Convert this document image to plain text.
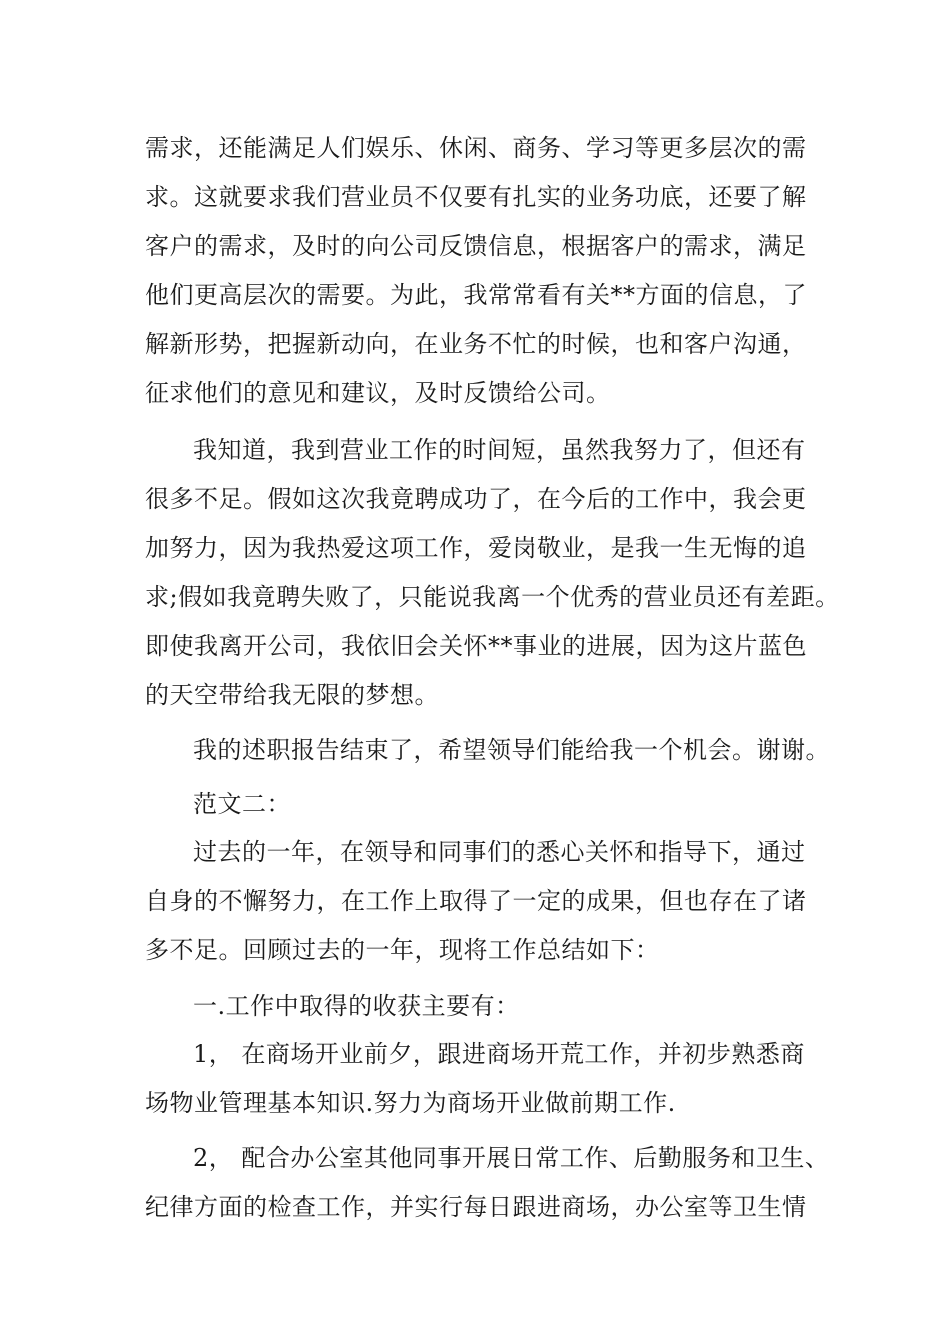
需求，还能满足人们娱乐、休闲、商务、学习等更多层次的需
求。这就要求我们营业员不仅要有扎实的业务功底，还要了解
客户的需求，及时的向公司反馈信息，根据客户的需求，满足
他们更高层次的需要。为此，我常常看有关**方面的信息，了
解新形势，把握新动向，在业务不忙的时候，也和客户沟通，
征求他们的意见和建议，及时反馈给公司。
我知道，我到营业工作的时间短，虽然我努力了，但还有
很多不足。假如这次我竟聘成功了，在今后的工作中，我会更
加努力，因为我热爱这项工作，爱岗敬业，是我一生无悔的追
求;假如我竟聘失败了，只能说我离一个优秀的营业员还有差距。
即使我离开公司，我依旧会关怀**事业的进展，因为这片蓝色
的天空带给我无限的梦想。
我的述职报告结束了，希望领导们能给我一个机会。谢谢。
范文二：
过去的一年，在领导和同事们的悉心关怀和指导下，通过
自身的不懈努力，在工作上取得了一定的成果，但也存在了诸
多不足。回顾过去的一年，现将工作总结如下：
一.工作中取得的收获主要有：
1， 在商场开业前夕，跟进商场开荒工作，并初步熟悉商
场物业管理基本知识.努力为商场开业做前期工作.
2， 配合办公室其他同事开展日常工作、后勤服务和卫生、
纪律方面的检查工作，并实行每日跟进商场，办公室等卫生情
